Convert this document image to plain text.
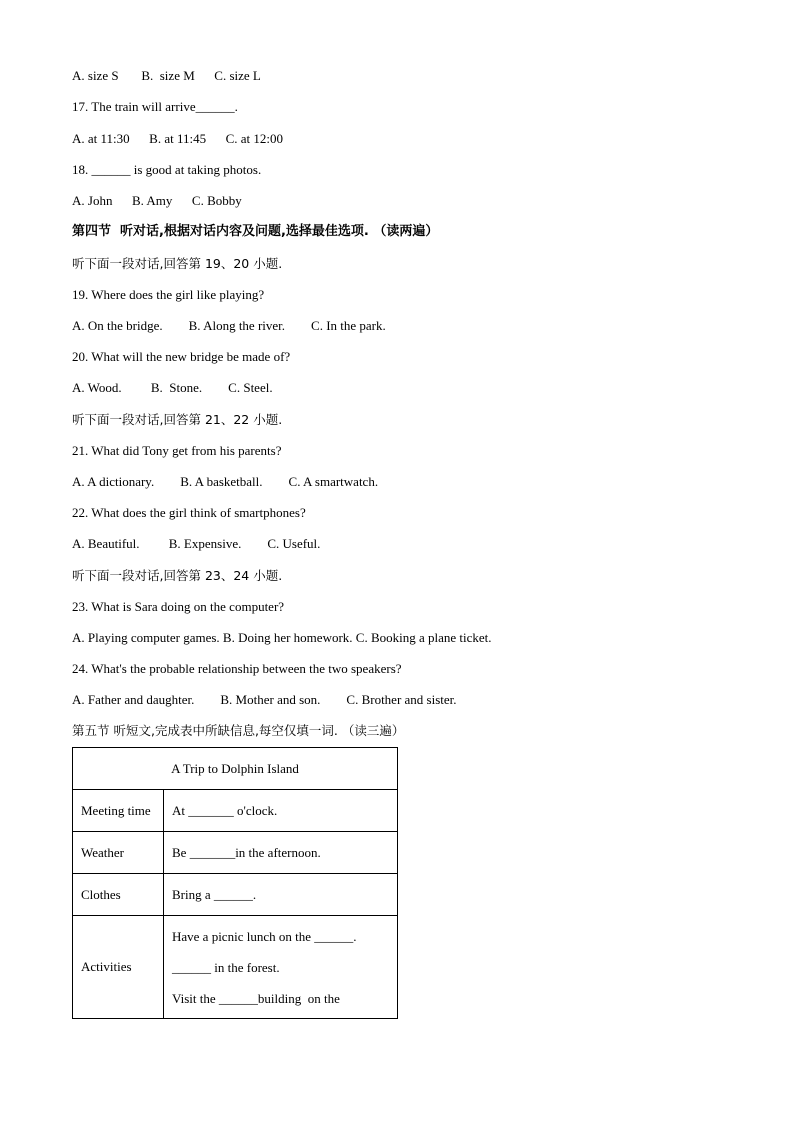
A. size S       B.  size M      C. size L
17. The train will arrive______.
A. at 11:30      B. at 11:45      C. at 12:00
18. ______ is good at taking photos.
A. John      B. Amy      C. Bobby
第四节  听对话,根据对话内容及问题,选择最佳选项. （读两遍）
听下面一段对话,回答第 19、20 小题.
19. Where does the girl like playing?
A. On the bridge.        B. Along the river.        C. In the park.
20. What will the new bridge be made of?
A. Wood.         B.  Stone.        C. Steel.
听下面一段对话,回答第 21、22 小题.
21. What did Tony get from his parents?
A. A dictionary.        B. A basketball.        C. A smartwatch.
22. What does the girl think of smartphones?
A. Beautiful.         B. Expensive.        C. Useful.
听下面一段对话,回答第 23、24 小题.
23. What is Sara doing on the computer?
A. Playing computer games. B. Doing her homework. C. Booking a plane ticket.
24. What's the probable relationship between the two speakers?
A. Father and daughter.        B. Mother and son.        C. Brother and sister.
第五节 听短文,完成表中所缺信息,每空仅填一词. （读三遍）
A Trip to Dolphin Island	
Meeting time	At _______ o'clock.
Weather	Be _______in the afternoon.
Clothes	Bring a ______.
Activities	Have a picnic lunch on the ______.
______ in the forest.
Visit the ______building  on the
